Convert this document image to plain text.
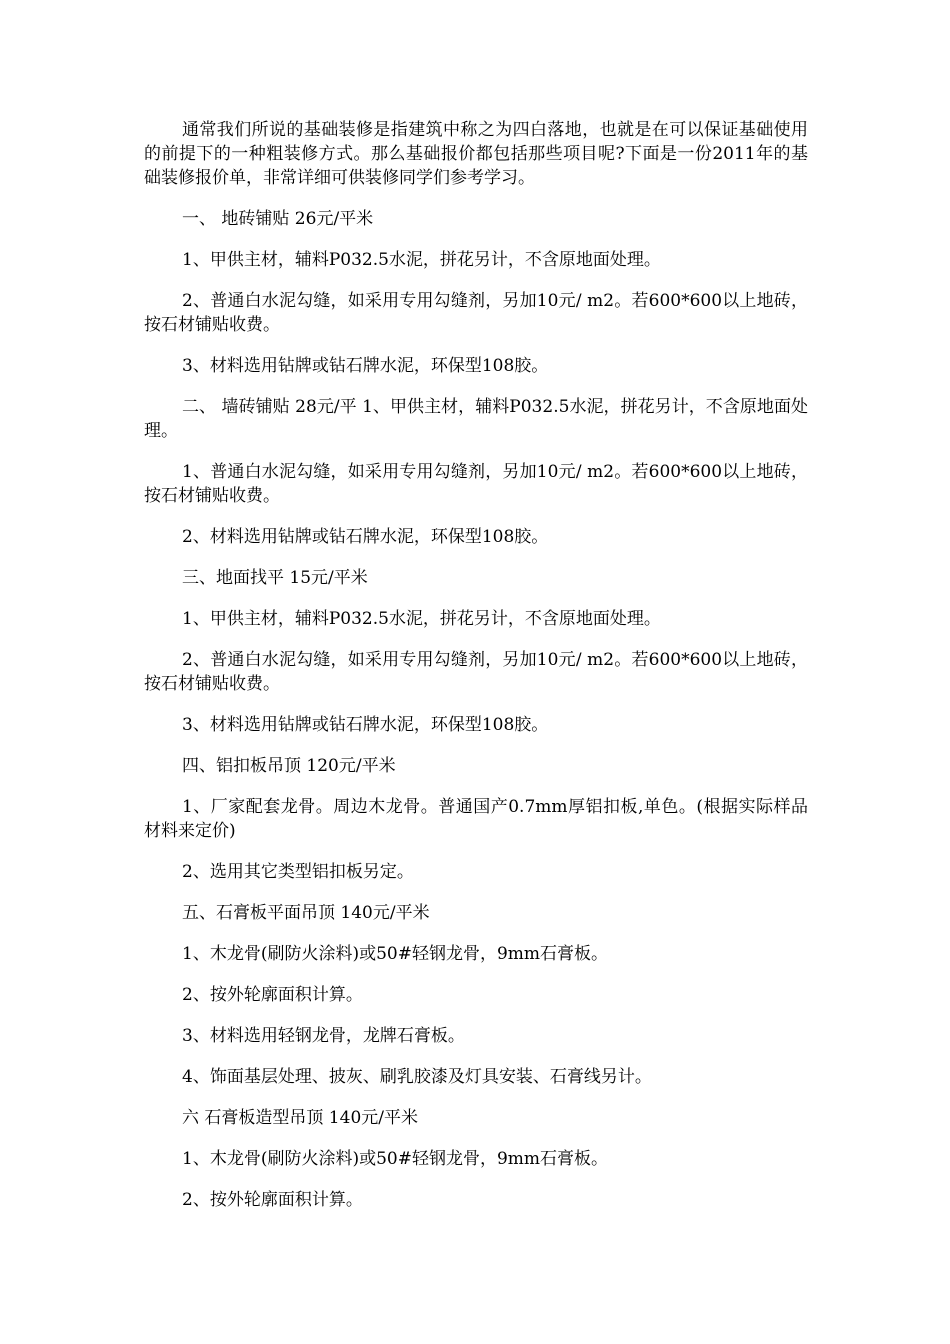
通常我们所说的基础装修是指建筑中称之为四白落地，也就是在可以保证基础使用的前提下的一种粗装修方式。那么基础报价都包括那些项目呢?下面是一份2011年的基础装修报价单，非常详细可供装修同学们参考学习。

一、 地砖铺贴 26元/平米

1、甲供主材，辅料P032.5水泥，拼花另计，不含原地面处理。

2、普通白水泥勾缝，如采用专用勾缝剂，另加10元/ m2。若600*600以上地砖，按石材铺贴收费。

3、材料选用钻牌或钻石牌水泥，环保型108胶。

二、 墙砖铺贴 28元/平 1、甲供主材，辅料P032.5水泥，拼花另计，不含原地面处理。

1、普通白水泥勾缝，如采用专用勾缝剂，另加10元/ m2。若600*600以上地砖，按石材铺贴收费。

2、材料选用钻牌或钻石牌水泥，环保型108胶。

三、地面找平 15元/平米

1、甲供主材，辅料P032.5水泥，拼花另计，不含原地面处理。

2、普通白水泥勾缝，如采用专用勾缝剂，另加10元/ m2。若600*600以上地砖，按石材铺贴收费。

3、材料选用钻牌或钻石牌水泥，环保型108胶。

四、铝扣板吊顶 120元/平米

1、厂家配套龙骨。周边木龙骨。普通国产0.7mm厚铝扣板,单色。(根据实际样品材料来定价)

2、选用其它类型铝扣板另定。

五、石膏板平面吊顶 140元/平米

1、木龙骨(刷防火涂料)或50#轻钢龙骨，9mm石膏板。

2、按外轮廓面积计算。

3、材料选用轻钢龙骨，龙牌石膏板。

4、饰面基层处理、披灰、刷乳胶漆及灯具安装、石膏线另计。

六 石膏板造型吊顶 140元/平米

1、木龙骨(刷防火涂料)或50#轻钢龙骨，9mm石膏板。

2、按外轮廓面积计算。
